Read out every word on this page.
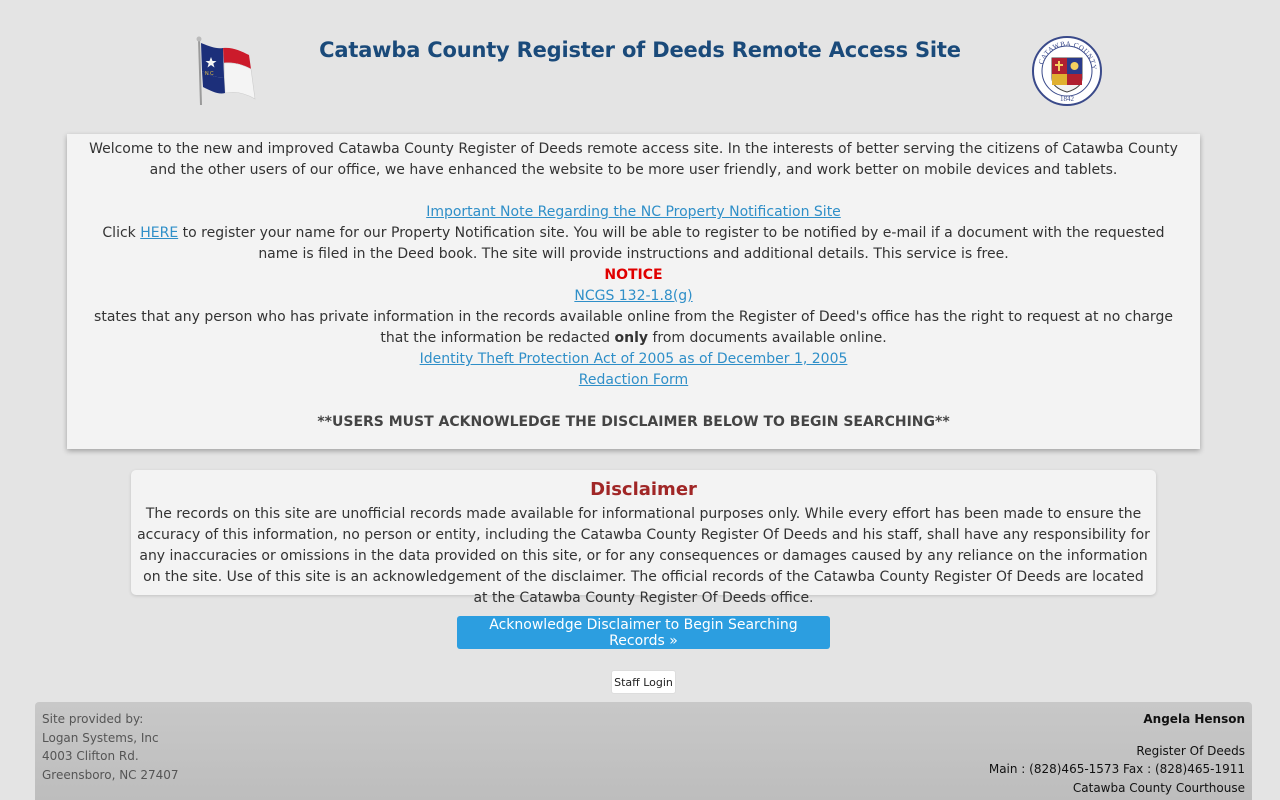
N C
Catawba County Register of Deeds Remote Access Site	CATAWBA COUNTY
1842

Welcome to the new and improved Catawba County Register of Deeds remote access site. In the interests of better serving the citizens of Catawba County and the other users of our office, we have enhanced the website to be more user friendly, and work better on mobile devices and tablets.

Important Note Regarding the NC Property Notification Site

Click HERE to register your name for our Property Notification site. You will be able to register to be notified by e-mail if a document with the requested name is filed in the Deed book. The site will provide instructions and additional details. This service is free.

NOTICE

NCGS 132-1.8(g)

states that any person who has private information in the records available online from the Register of Deed's office has the right to request at no charge that the information be redacted only from documents available online.

Identity Theft Protection Act of 2005 as of December 1, 2005

Redaction Form

**USERS MUST ACKNOWLEDGE THE DISCLAIMER BELOW TO BEGIN SEARCHING**

Disclaimer

The records on this site are unofficial records made available for informational purposes only. While every effort has been made to ensure the accuracy of this information, no person or entity, including the Catawba County Register Of Deeds and his staff, shall have any responsibility for any inaccuracies or omissions in the data provided on this site, or for any consequences or damages caused by any reliance on the information on the site. Use of this site is an acknowledgement of the disclaimer. The official records of the Catawba County Register Of Deeds are located at the Catawba County Register Of Deeds office.

Acknowledge Disclaimer to Begin Searching Records »
Staff Login
Site provided by:
Logan Systems, Inc
4003 Clifton Rd.
Greensboro, NC 27407
Angela Henson
Register Of Deeds
Main : (828)465-1573 Fax : (828)465-1911
Catawba County Courthouse
